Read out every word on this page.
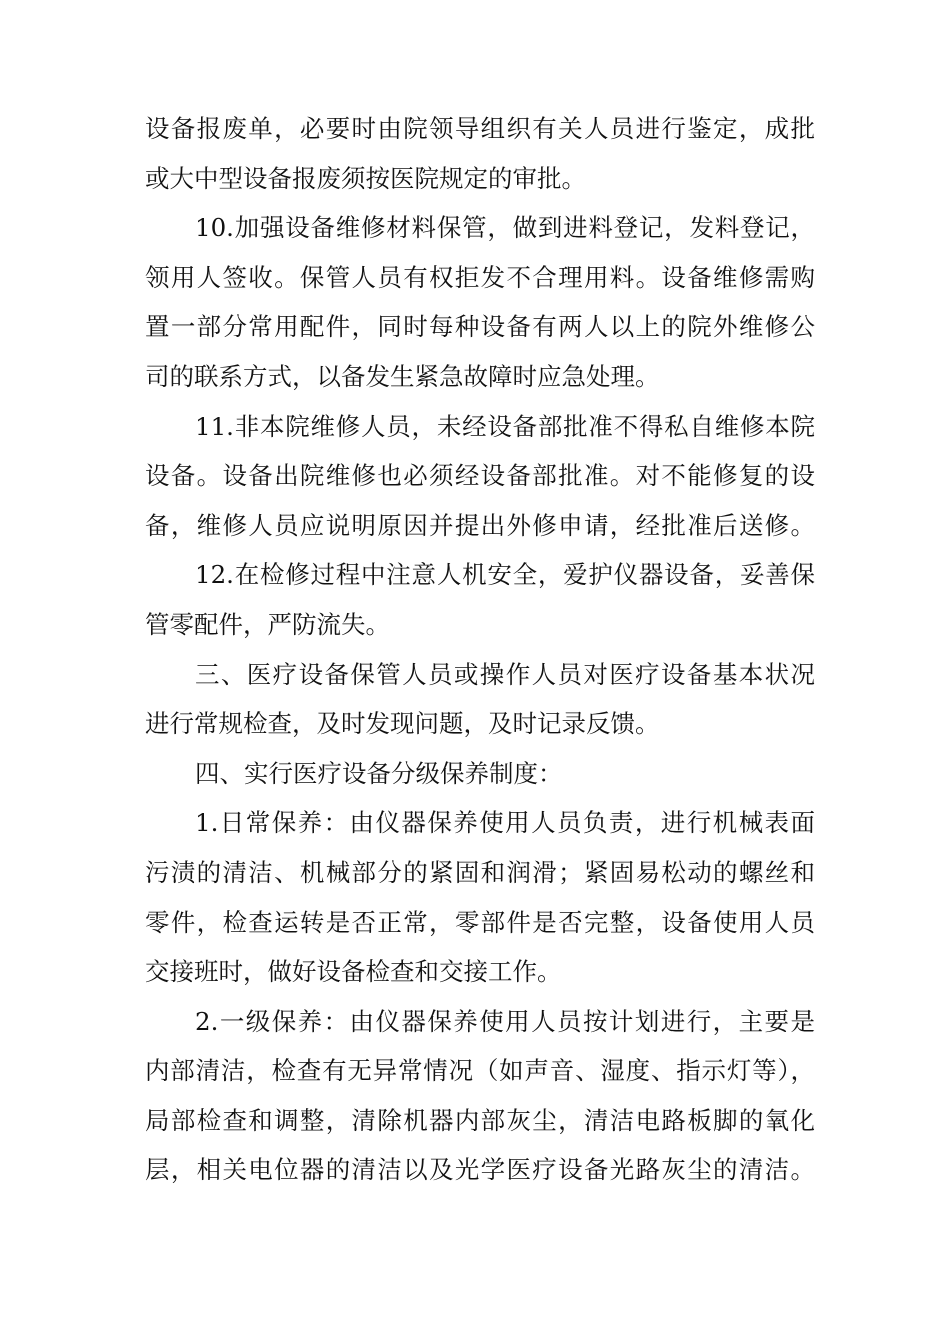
设备报废单，必要时由院领导组织有关人员进行鉴定，成批
或大中型设备报废须按医院规定的审批。
10.加强设备维修材料保管，做到进料登记，发料登记，
领用人签收。保管人员有权拒发不合理用料。设备维修需购
置一部分常用配件，同时每种设备有两人以上的院外维修公
司的联系方式，以备发生紧急故障时应急处理。
11.非本院维修人员，未经设备部批准不得私自维修本院
设备。设备出院维修也必须经设备部批准。对不能修复的设
备，维修人员应说明原因并提出外修申请，经批准后送修。
12.在检修过程中注意人机安全，爱护仪器设备，妥善保
管零配件，严防流失。
三、医疗设备保管人员或操作人员对医疗设备基本状况
进行常规检查，及时发现问题，及时记录反馈。
四、实行医疗设备分级保养制度：
1.日常保养：由仪器保养使用人员负责，进行机械表面
污渍的清洁、机械部分的紧固和润滑；紧固易松动的螺丝和
零件，检查运转是否正常，零部件是否完整，设备使用人员
交接班时，做好设备检查和交接工作。
2.一级保养：由仪器保养使用人员按计划进行，主要是
内部清洁，检查有无异常情况（如声音、湿度、指示灯等），
局部检查和调整，清除机器内部灰尘，清洁电路板脚的氧化
层，相关电位器的清洁以及光学医疗设备光路灰尘的清洁。
